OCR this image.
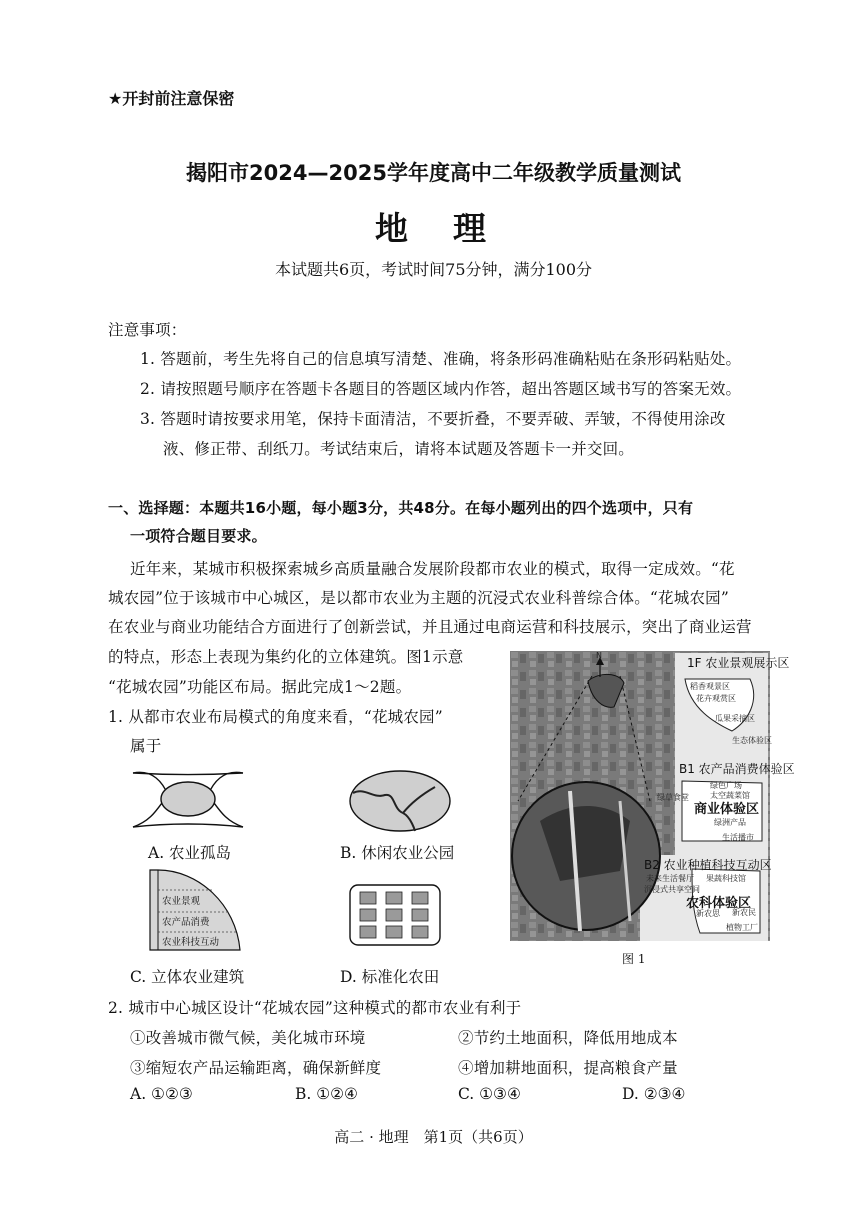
★开封前注意保密
揭阳市2024—2025学年度高中二年级教学质量测试
地　理
本试题共6页，考试时间75分钟，满分100分
注意事项：
1. 答题前，考生先将自己的信息填写清楚、准确，将条形码准确粘贴在条形码粘贴处。
2. 请按照题号顺序在答题卡各题目的答题区域内作答，超出答题区域书写的答案无效。
3. 答题时请按要求用笔，保持卡面清洁，不要折叠，不要弄破、弄皱，不得使用涂改
液、修正带、刮纸刀。考试结束后，请将本试题及答题卡一并交回。
一、选择题：本题共16小题，每小题3分，共48分。在每小题列出的四个选项中，只有
一项符合题目要求。
近年来，某城市积极探索城乡高质量融合发展阶段都市农业的模式，取得一定成效。“花
城农园”位于该城市中心城区，是以都市农业为主题的沉浸式农业科普综合体。“花城农园”
在农业与商业功能结合方面进行了创新尝试，并且通过电商运营和科技展示，突出了商业运营
的特点，形态上表现为集约化的立体建筑。图1示意
“花城农园”功能区布局。据此完成1～2题。
1. 从都市农业布局模式的角度来看，“花城农园”
属于
A. 农业孤岛	B. 休闲农业公园
农业景观
农产品消费
农业科技互动
C. 立体农业建筑	D. 标准化农田
N
1F 农业景观展示区
稻香观景区
花卉观赏区
瓜果采摘区
生态体验区
B1 农产品消费体验区
商业体验区
绿色广场
太空蔬菜馆
绿草食堂
绿洲产品
生活播市
B2 农业种植科技互动区
未来生活餐厅 果蔬科技馆
沉浸式共享空间
农科体验区
新农民
新农思
植物工厂
图 1
2. 城市中心城区设计“花城农园”这种模式的都市农业有利于
①改善城市微气候，美化城市环境	②节约土地面积，降低用地成本
③缩短农产品运输距离，确保新鲜度	④增加耕地面积，提高粮食产量
A. ①②③	B. ①②④	C. ①③④	D. ②③④
高二 · 地理　第1页（共6页）
